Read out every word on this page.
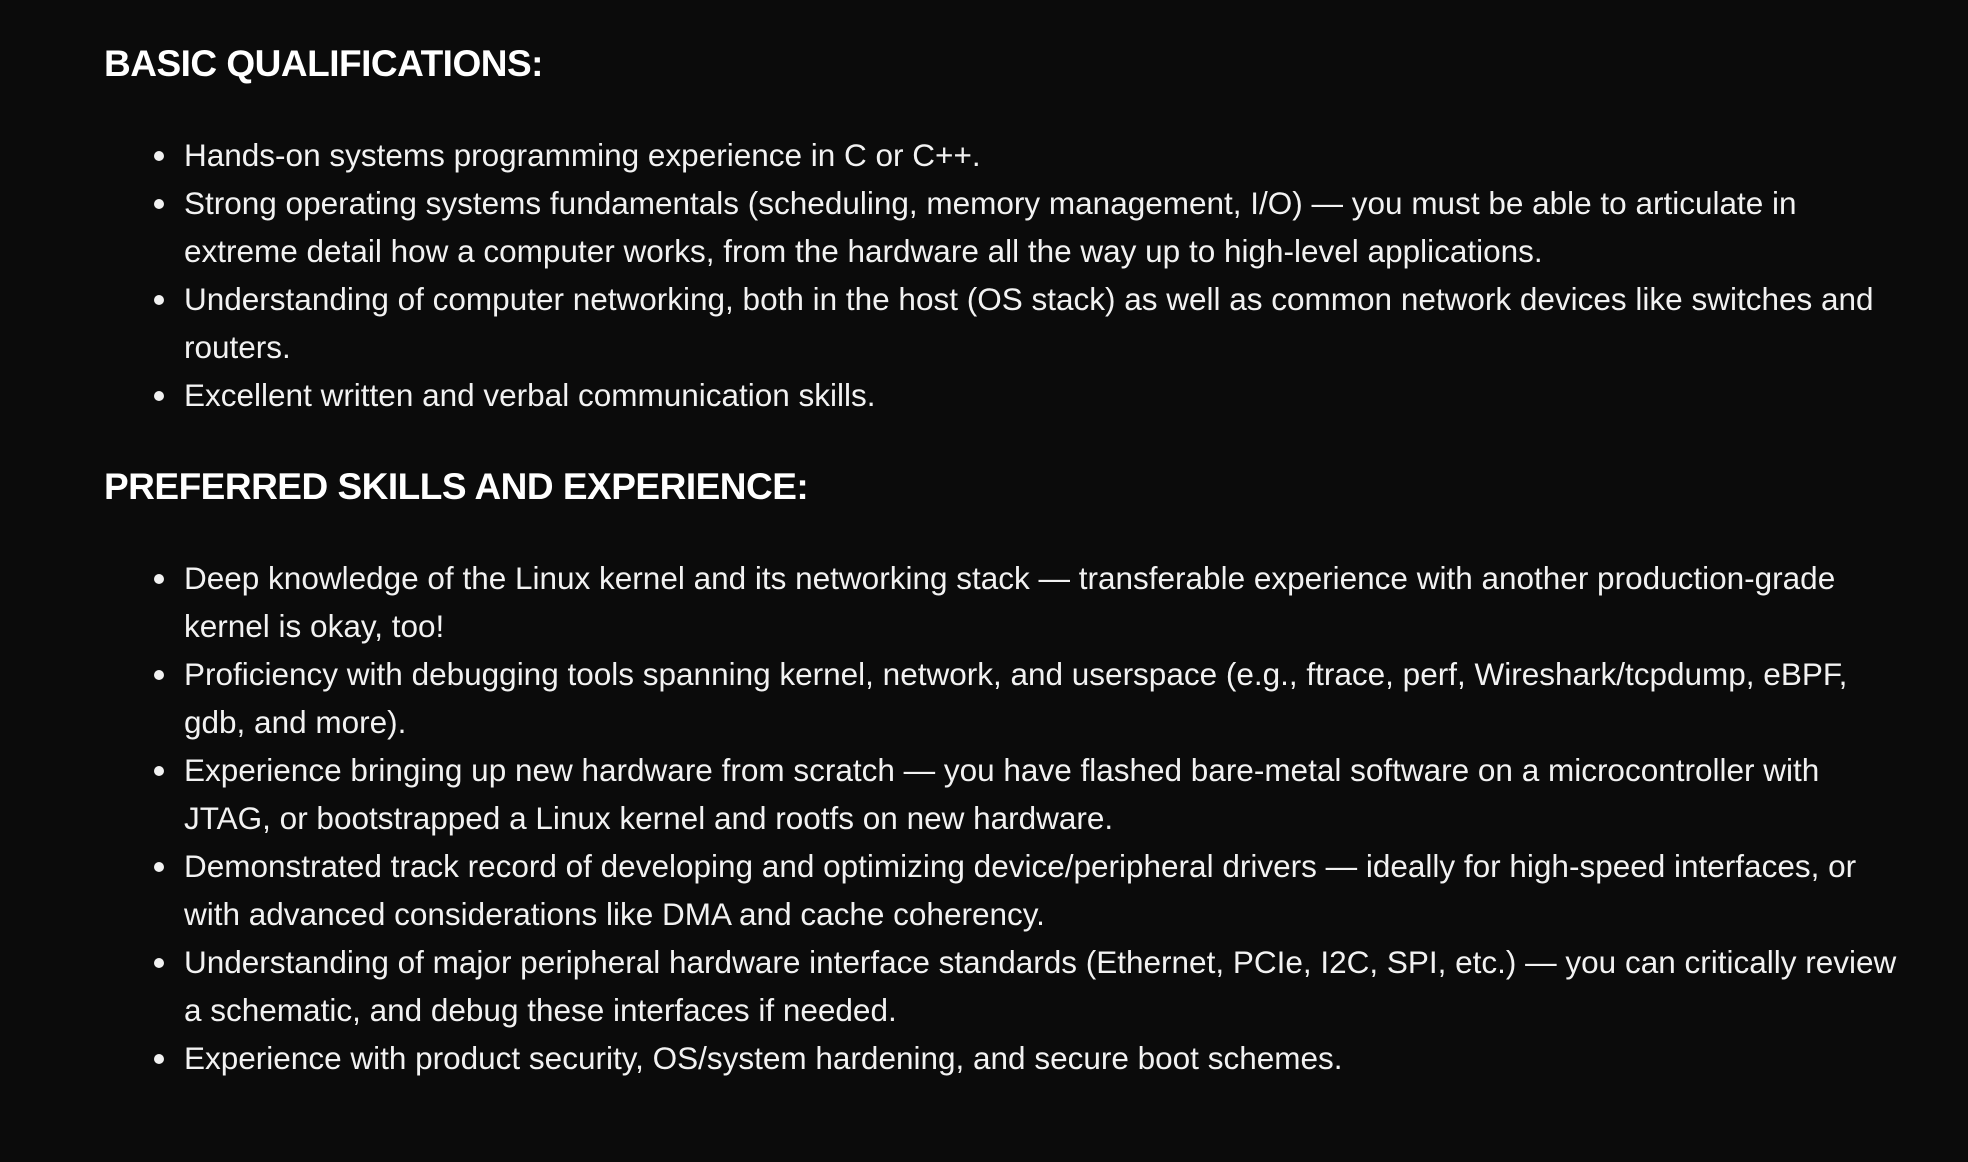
BASIC QUALIFICATIONS:
Hands-on systems programming experience in C or C++.
Strong operating systems fundamentals (scheduling, memory management, I/O) — you must be able to articulate in extreme detail how a computer works, from the hardware all the way up to high-level applications.
Understanding of computer networking, both in the host (OS stack) as well as common network devices like switches and routers.
Excellent written and verbal communication skills.
PREFERRED SKILLS AND EXPERIENCE:
Deep knowledge of the Linux kernel and its networking stack — transferable experience with another production-grade kernel is okay, too!
Proficiency with debugging tools spanning kernel, network, and userspace (e.g., ftrace, perf, Wireshark/tcpdump, eBPF, gdb, and more).
Experience bringing up new hardware from scratch — you have flashed bare-metal software on a microcontroller with JTAG, or bootstrapped a Linux kernel and rootfs on new hardware.
Demonstrated track record of developing and optimizing device/peripheral drivers — ideally for high-speed interfaces, or with advanced considerations like DMA and cache coherency.
Understanding of major peripheral hardware interface standards (Ethernet, PCIe, I2C, SPI, etc.) — you can critically review a schematic, and debug these interfaces if needed.
Experience with product security, OS/system hardening, and secure boot schemes.
